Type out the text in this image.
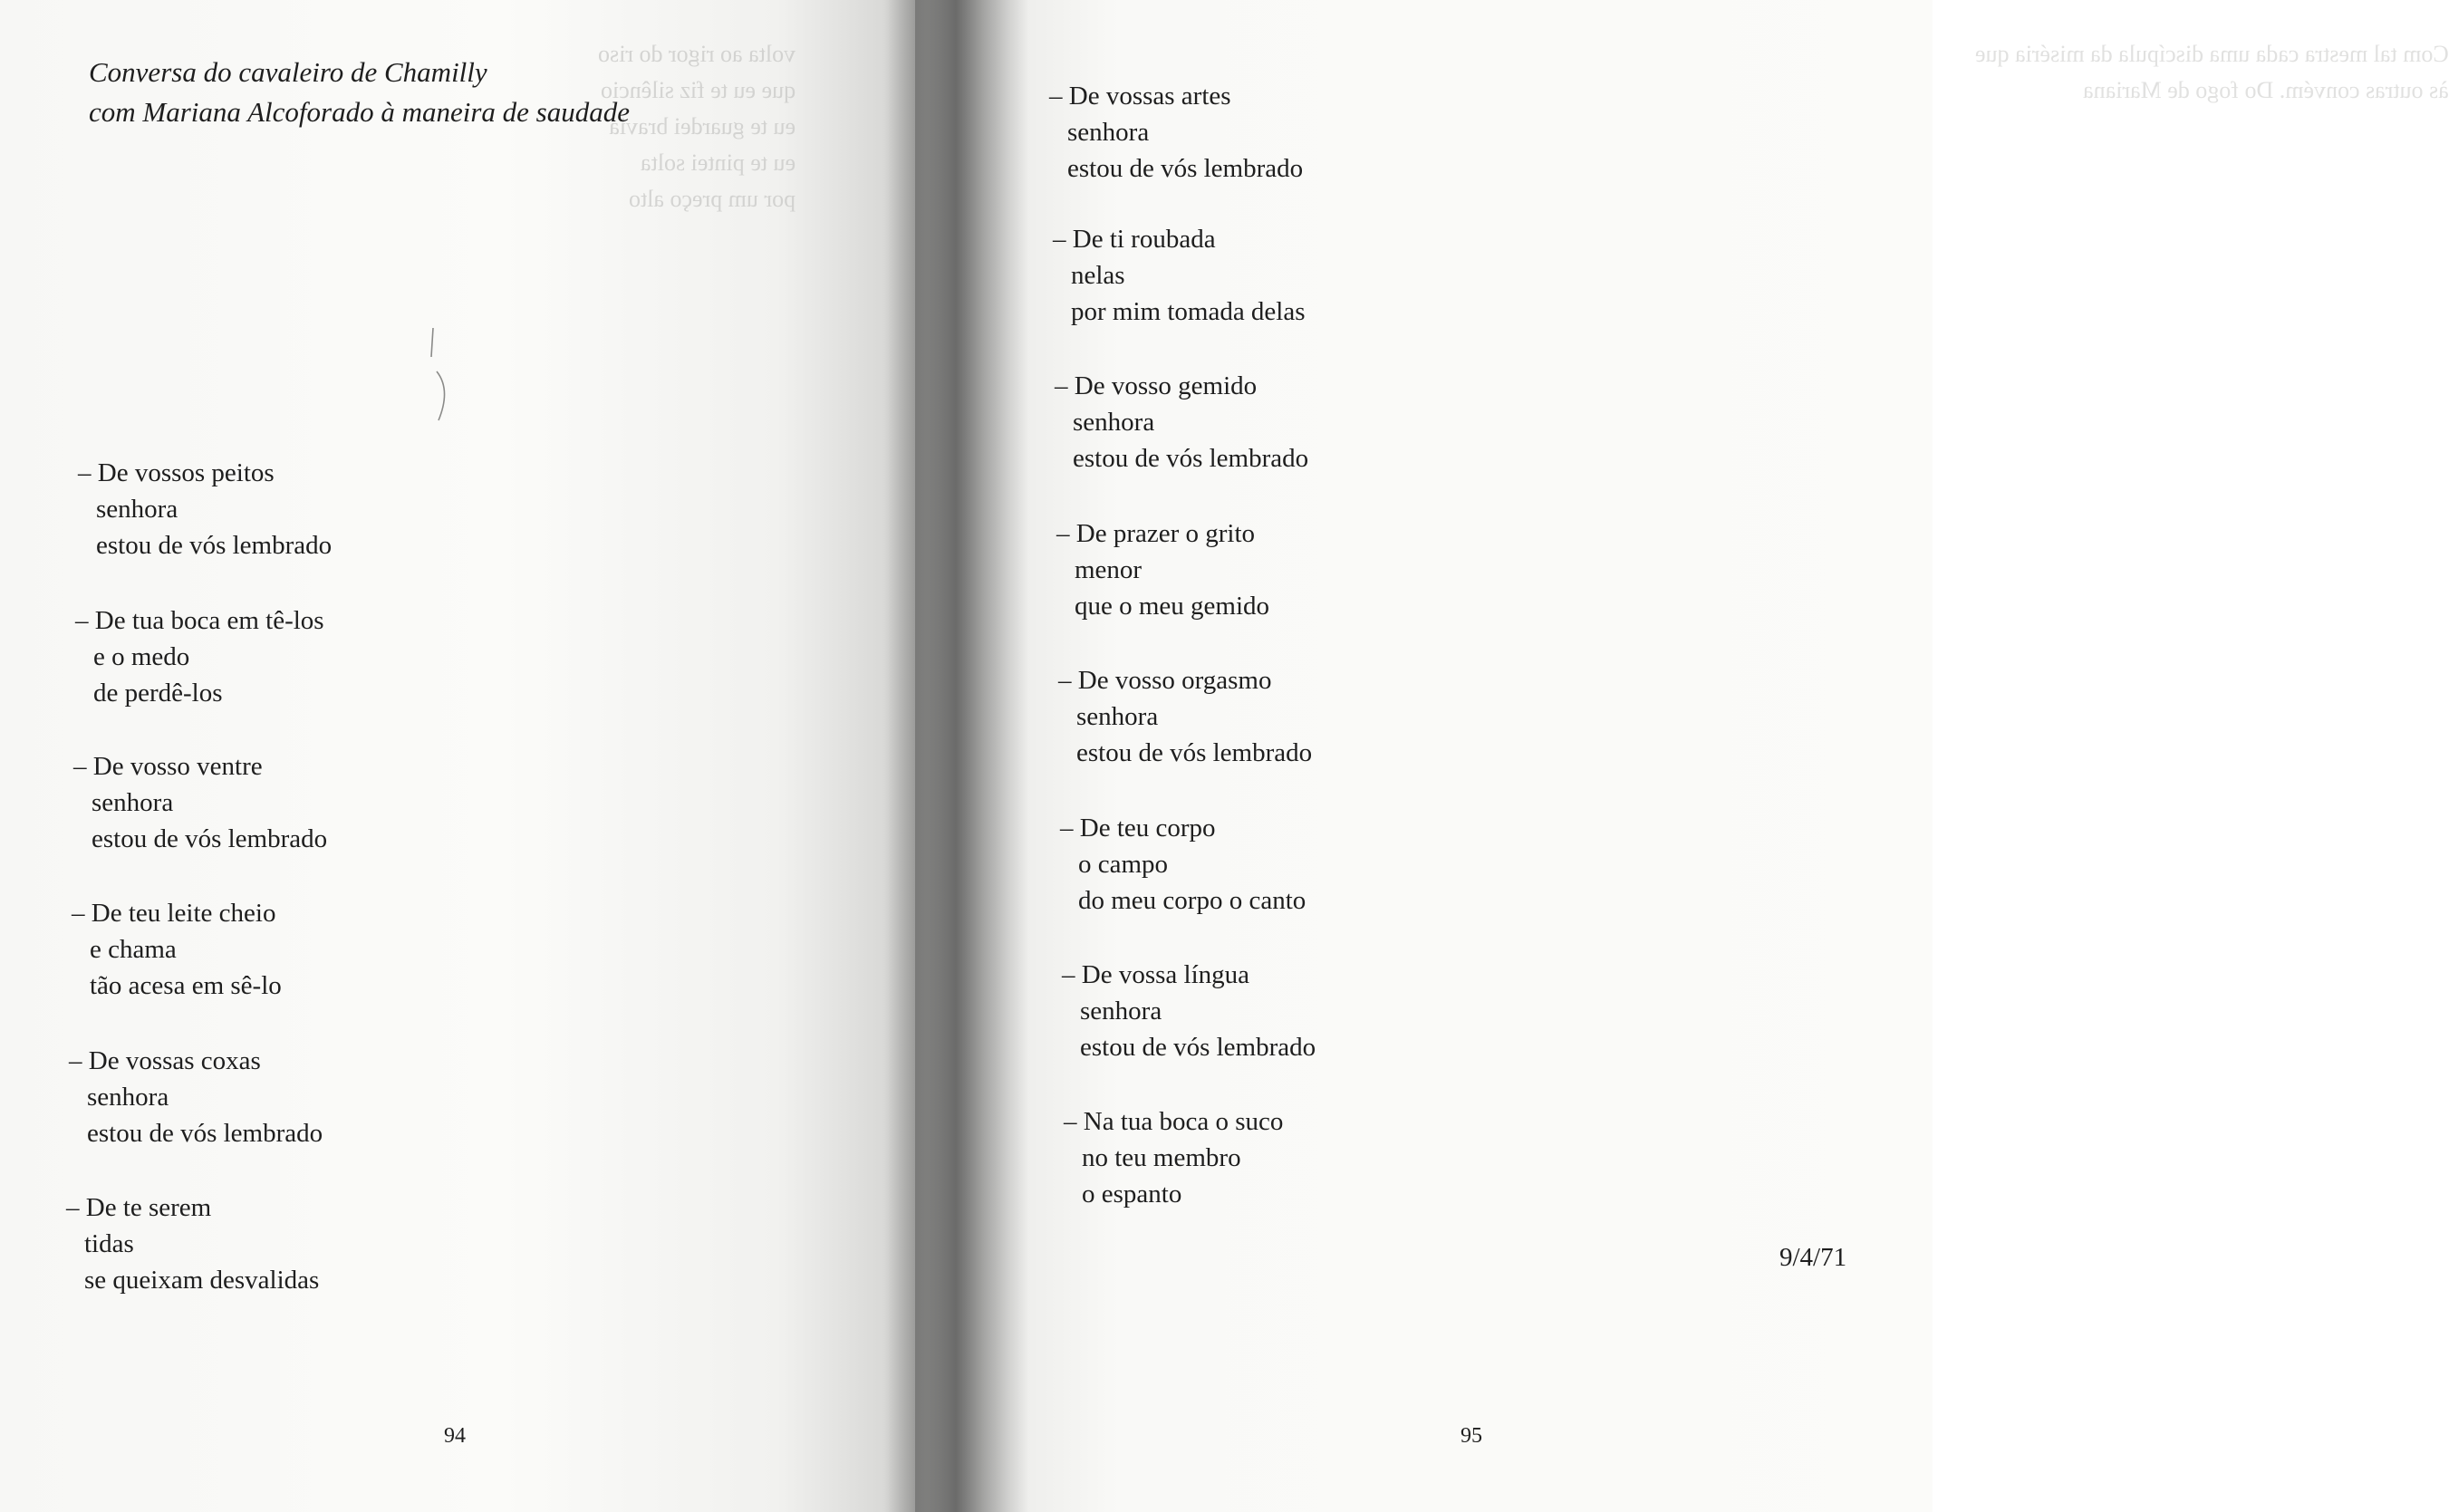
volta ao rigor do riso
que eu te fiz silêncio
eu te guardei bravia
eu te pintei solta
por um preço alto
Conversa do cavaleiro de Chamilly
com Mariana Alcoforado à maneira de saudade
– De vossos peitos
senhora
estou de vós lembrado
– De tua boca em tê-los
e o medo
de perdê-los
– De vosso ventre
senhora
estou de vós lembrado
– De teu leite cheio
e chama
tão acesa em sê-lo
– De vossas coxas
senhora
estou de vós lembrado
– De te serem
tidas
se queixam desvalidas
94
Com tal mestra cada uma discípula da miséria que
às outras convém. Do fogo de Mariana
– De vossas artes
senhora
estou de vós lembrado
– De ti roubada
nelas
por mim tomada delas
– De vosso gemido
senhora
estou de vós lembrado
– De prazer o grito
menor
que o meu gemido
– De vosso orgasmo
senhora
estou de vós lembrado
– De teu corpo
o campo
do meu corpo o canto
– De vossa língua
senhora
estou de vós lembrado
– Na tua boca o suco
no teu membro
o espanto
9/4/71
95
